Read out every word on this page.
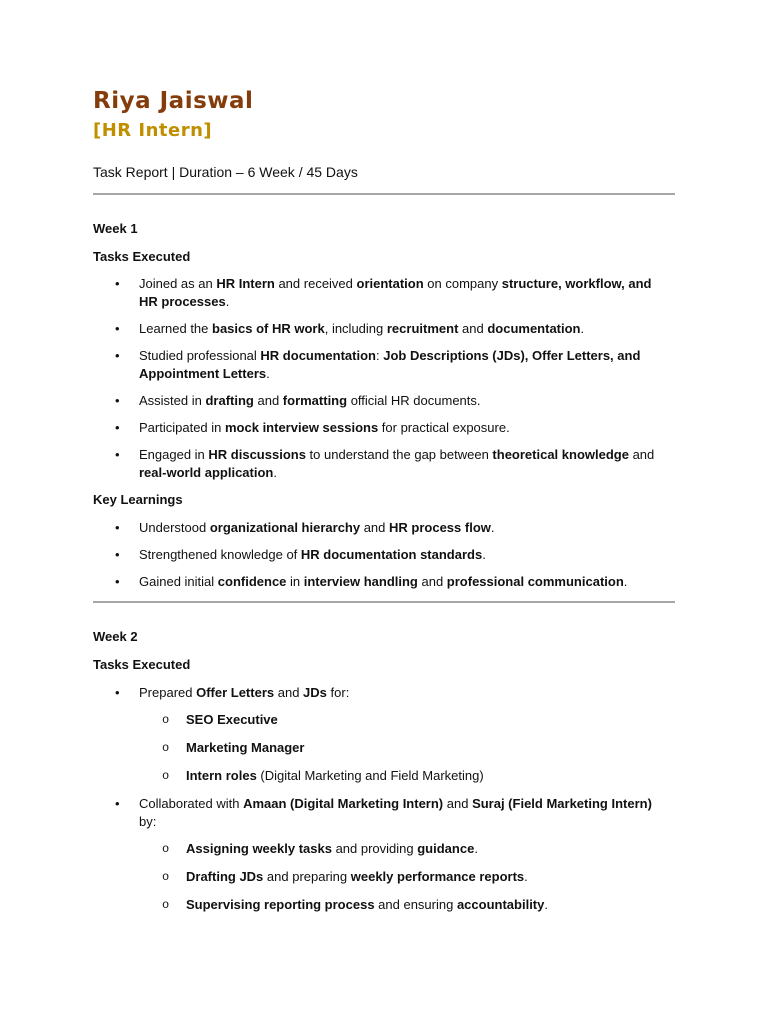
Riya Jaiswal
[HR Intern]
Task Report | Duration – 6 Week / 45 Days
Week 1
Tasks Executed
• Joined as an HR Intern and received orientation on company structure, workflow, and HR processes.
• Learned the basics of HR work, including recruitment and documentation.
• Studied professional HR documentation: Job Descriptions (JDs), Offer Letters, and Appointment Letters.
• Assisted in drafting and formatting official HR documents.
• Participated in mock interview sessions for practical exposure.
• Engaged in HR discussions to understand the gap between theoretical knowledge and real-world application.
Key Learnings
• Understood organizational hierarchy and HR process flow.
• Strengthened knowledge of HR documentation standards.
• Gained initial confidence in interview handling and professional communication.
Week 2
Tasks Executed
• Prepared Offer Letters and JDs for:
o SEO Executive
o Marketing Manager
o Intern roles (Digital Marketing and Field Marketing)
• Collaborated with Amaan (Digital Marketing Intern) and Suraj (Field Marketing Intern) by:
o Assigning weekly tasks and providing guidance.
o Drafting JDs and preparing weekly performance reports.
o Supervising reporting process and ensuring accountability.
